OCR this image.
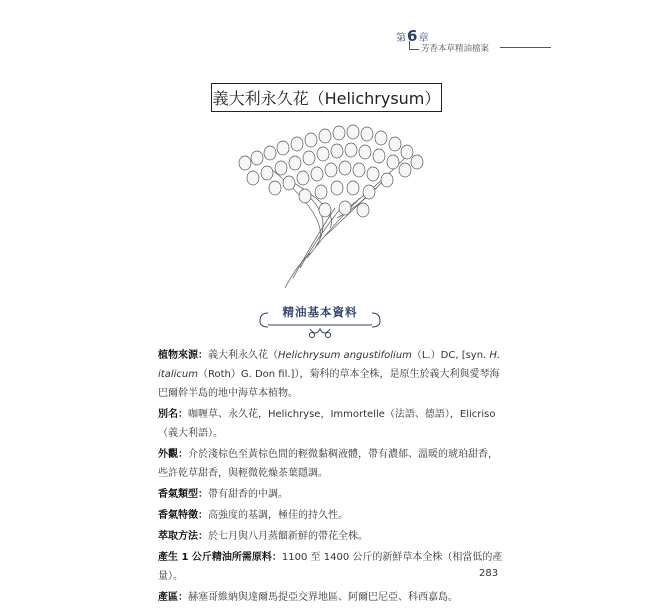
第6章
芳香本草精油檔案
義大利永久花（Helichrysum）
精油基本資料

植物來源：義大利永久花（Helichrysum angustifolium（L.）DC, [syn. H. italicum（Roth）G. Don fil.]），菊科的草本全株，是原生於義大利與愛琴海巴爾幹半島的地中海草本植物。

別名：咖喱草、永久花，Helichryse，Immortelle（法語、德語），Elicriso（義大利語）。

外觀：介於淺棕色至黃棕色間的輕微黏稠液體，帶有濃郁、溫暖的琥珀甜香，些許乾草甜香，與輕微乾燥茶葉隱調。

香氣類型：帶有甜香的中調。

香氣特徵：高強度的基調，極佳的持久性。

萃取方法：於七月與八月蒸餾新鮮的帶花全株。

產生 1 公斤精油所需原料：1100 至 1400 公斤的新鮮草本全株（相當低的產量）。

產區：赫塞哥維納與達爾馬提亞交界地區、阿爾巴尼亞、科西嘉島。

283
